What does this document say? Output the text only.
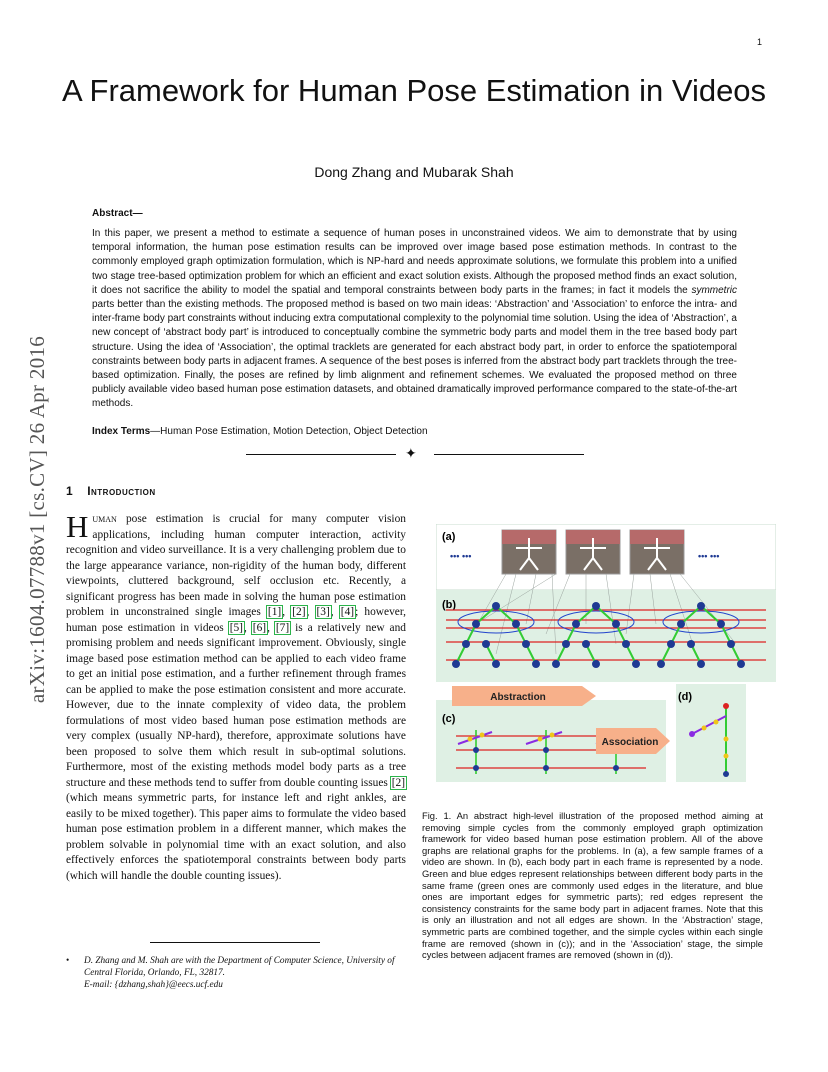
1
arXiv:1604.07788v1 [cs.CV] 26 Apr 2016
A Framework for Human Pose Estimation in Videos
Dong Zhang and Mubarak Shah
Abstract—
In this paper, we present a method to estimate a sequence of human poses in unconstrained videos. We aim to demonstrate that by using temporal information, the human pose estimation results can be improved over image based pose estimation methods. In contrast to the commonly employed graph optimization formulation, which is NP-hard and needs approximate solutions, we formulate this problem into a unified two stage tree-based optimization problem for which an efficient and exact solution exists. Although the proposed method finds an exact solution, it does not sacrifice the ability to model the spatial and temporal constraints between body parts in the frames; in fact it models the symmetric parts better than the existing methods. The proposed method is based on two main ideas: ‘Abstraction’ and ‘Association’ to enforce the intra- and inter-frame body part constraints without inducing extra computational complexity to the polynomial time solution. Using the idea of ‘Abstraction’, a new concept of ‘abstract body part’ is introduced to conceptually combine the symmetric body parts and model them in the tree based body part structure. Using the idea of ‘Association’, the optimal tracklets are generated for each abstract body part, in order to enforce the spatiotemporal constraints between body parts in adjacent frames. A sequence of the best poses is inferred from the abstract body part tracklets through the tree-based optimization. Finally, the poses are refined by limb alignment and refinement schemes. We evaluated the proposed method on three publicly available video based human pose estimation datasets, and obtained dramatically improved performance compared to the state-of-the-art methods.
Index Terms—Human Pose Estimation, Motion Detection, Object Detection
✦
1 Introduction
Human pose estimation is crucial for many computer vision applications, including human computer interaction, activity recognition and video surveillance. It is a very challenging problem due to the large appearance variance, non-rigidity of the human body, different viewpoints, cluttered background, self occlusion etc. Recently, a significant progress has been made in solving the human pose estimation problem in unconstrained single images [1], [2], [3], [4]; however, human pose estimation in videos [5], [6], [7] is a relatively new and promising problem and needs significant improvement. Obviously, single image based pose estimation method can be applied to each video frame to get an initial pose estimation, and a further refinement through frames can be applied to make the pose estimation consistent and more accurate. However, due to the innate complexity of video data, the problem formulations of most video based human pose estimation methods are very complex (usually NP-hard), therefore, approximate solutions have been proposed to solve them which result in sub-optimal solutions. Furthermore, most of the existing methods model body parts as a tree structure and these methods tend to suffer from double counting issues [2] (which means symmetric parts, for instance left and right ankles, are easily to be mixed together). This paper aims to formulate the video based human pose estimation problem in a different manner, which makes the problem solvable in polynomial time with an exact solution, and also effectively enforces the spatiotemporal constraints between body parts (which will handle the double counting issues).
• D. Zhang and M. Shah are with the Department of Computer Science, University of Central Florida, Orlando, FL, 32817.
E-mail: {dzhang,shah}@eecs.ucf.edu
(a)
(b)
(c)
(d)
••• •••	••• •••
Abstraction
Association
Fig. 1. An abstract high-level illustration of the proposed method aiming at removing simple cycles from the commonly employed graph optimization framework for video based human pose estimation problem. All of the above graphs are relational graphs for the problems. In (a), a few sample frames of a video are shown. In (b), each body part in each frame is represented by a node. Green and blue edges represent relationships between different body parts in the same frame (green ones are commonly used edges in the literature, and blue ones are important edges for symmetric parts); red edges represent the consistency constraints for the same body part in adjacent frames. Note that this is only an illustration and not all edges are shown. In the ‘Abstraction’ stage, symmetric parts are combined together, and the simple cycles within each single frame are removed (shown in (c)); and in the ‘Association’ stage, the simple cycles between adjacent frames are removed (shown in (d)).
